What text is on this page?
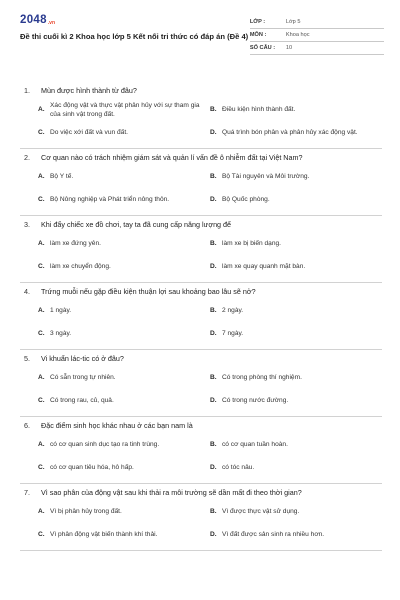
2048 .vn
Đề thi cuối kì 2 Khoa học lớp 5 Kết nối tri thức có đáp án (Đề 4)
LỚP :	Lớp 5
MÔN :	Khoa học
SỐ CÂU :	10
1.	Mùn được hình thành từ đâu?
A.
Xác động vật và thực vật phân hủy với sự tham gia của sinh vật trong đất.
B. Điều kiện hình thành đất.
C. Do việc xới đất và vun đất.	D. Quá trình bón phân và phân hủy xác động vật.
2.	Cơ quan nào có trách nhiệm giám sát và quản lí vấn đề ô nhiễm đất tại Việt Nam?
A. Bộ Y tế.	B. Bộ Tài nguyên và Môi trường.
C. Bộ Nông nghiệp và Phát triển nông thôn.	D. Bộ Quốc phòng.
3.	Khi đẩy chiếc xe đồ chơi, tay ta đã cung cấp năng lượng để
A. làm xe đứng yên.	B. làm xe bị biến dạng.
C. làm xe chuyển động.	D. làm xe quay quanh mặt bàn.
4.	Trứng muỗi nếu gặp điều kiện thuận lợi sau khoảng bao lâu sẽ nở?
A. 1 ngày.	B. 2 ngày.
C. 3 ngày.	D. 7 ngày.
5.	Vi khuẩn lác-tic có ở đâu?
A. Có sẵn trong tự nhiên.	B. Có trong phòng thí nghiệm.
C. Có trong rau, củ, quả.	D. Có trong nước đường.
6.	Đặc điểm sinh học khác nhau ở các bạn nam là
A. có cơ quan sinh dục tạo ra tinh trùng.	B. có cơ quan tuần hoàn.
C. có cơ quan tiêu hóa, hô hấp.	D. có tóc nâu.
7.	Vì sao phân của động vật sau khi thải ra môi trường sẽ dần mất đi theo thời gian?
A. Vì bị phân hủy trong đất.	B. Vì được thực vật sử dụng.
C. Vì phân động vật biến thành khí thải.	D. Vì đất được sản sinh ra nhiều hơn.
